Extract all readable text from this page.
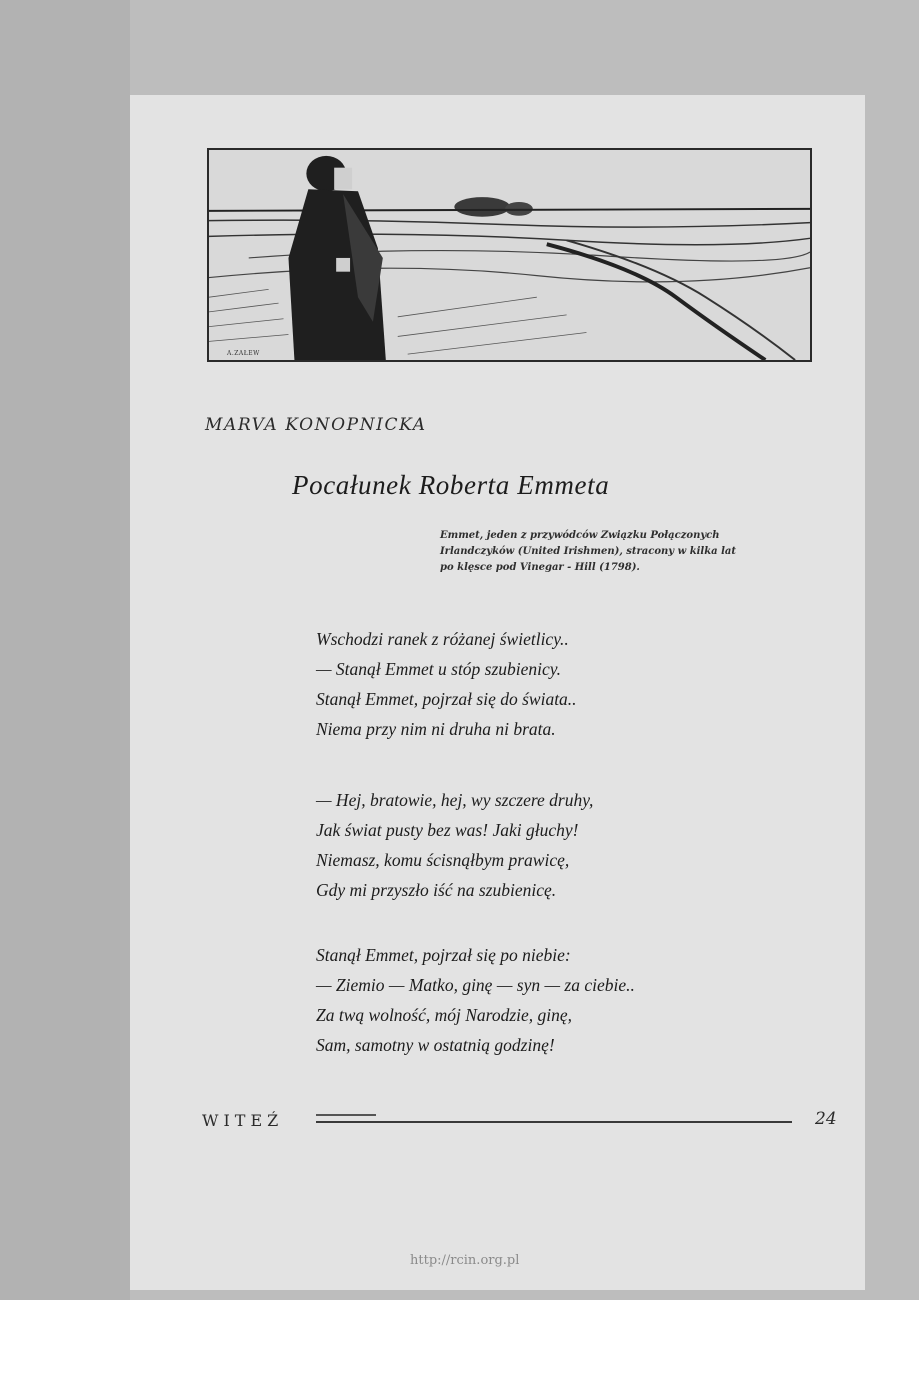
A.ZAŁEW
MARVA KONOPNICKA
Pocałunek Roberta Emmeta
Emmet, jeden z przywódców Związku Połączonych
Irlandczyków (United Irishmen), stracony w kilka lat
po klęsce pod Vinegar - Hill (1798).
Wschodzi ranek z różanej świetlicy..
— Stanął Emmet u stóp szubienicy.
Stanął Emmet, pojrzał się do świata..
Niema przy nim ni druha ni brata.
— Hej, bratowie, hej, wy szczere druhy,
Jak świat pusty bez was! Jaki głuchy!
Niemasz, komu ścisnąłbym prawicę,
Gdy mi przyszło iść na szubienicę.
Stanął Emmet, pojrzał się po niebie:
— Ziemio — Matko, ginę — syn — za ciebie..
Za twą wolność, mój Narodzie, ginę,
Sam, samotny w ostatnią godzinę!
WITEŹ	24
http://rcin.org.pl
